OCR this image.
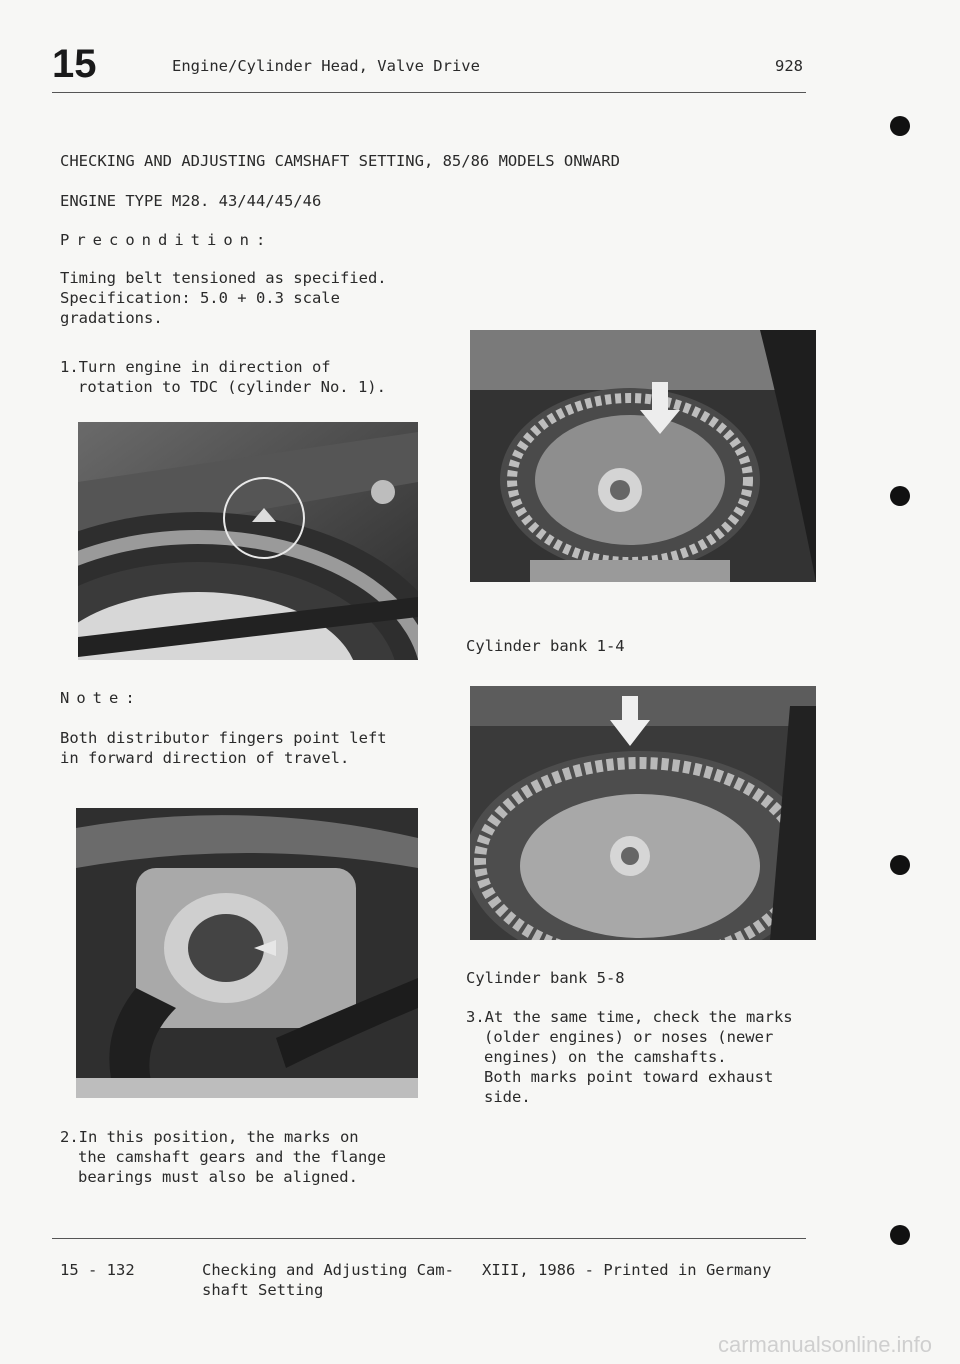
15	Engine/Cylinder Head, Valve Drive	928
CHECKING AND ADJUSTING CAMSHAFT SETTING, 85/86 MODELS ONWARD
ENGINE TYPE M28. 43/44/45/46
Precondition:
Timing belt tensioned as specified.
Specification: 5.0 + 0.3 scale
gradations.
1.Turn engine in direction of
rotation to TDC (cylinder No. 1).
Note:
Both distributor fingers point left
in forward direction of travel.
2.In this position, the marks on
the camshaft gears and the flange
bearings must also be aligned.
Cylinder bank 1-4
Cylinder bank 5-8
3.At the same time, check the marks
(older engines) or noses (newer
engines) on the camshafts.
Both marks point toward exhaust
side.
15 - 132	Checking and Adjusting Cam-
shaft Setting
XIII, 1986 - Printed in Germany
carmanualsonline.info
